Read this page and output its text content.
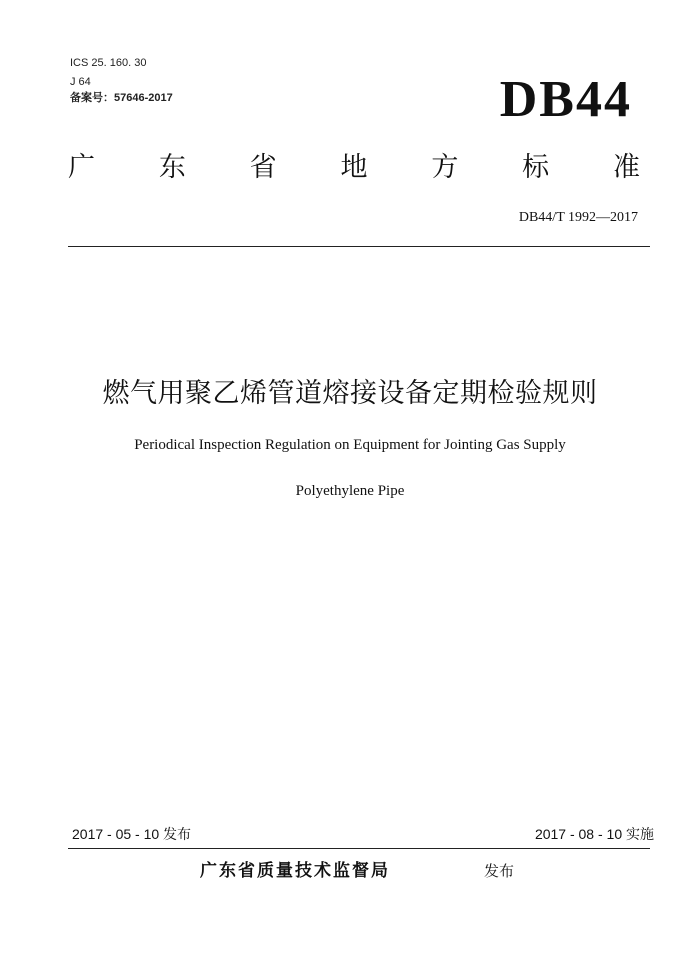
ICS 25. 160. 30
J 64
备案号：57646-2017	DB44
广 东 省 地 方 标 准
DB44/T 1992—2017
燃气用聚乙烯管道熔接设备定期检验规则
Periodical Inspection Regulation on Equipment for Jointing Gas Supply
Polyethylene Pipe
2017 - 05 - 10 发布	2017 - 08 - 10 实施
广东省质量技术监督局	发布
